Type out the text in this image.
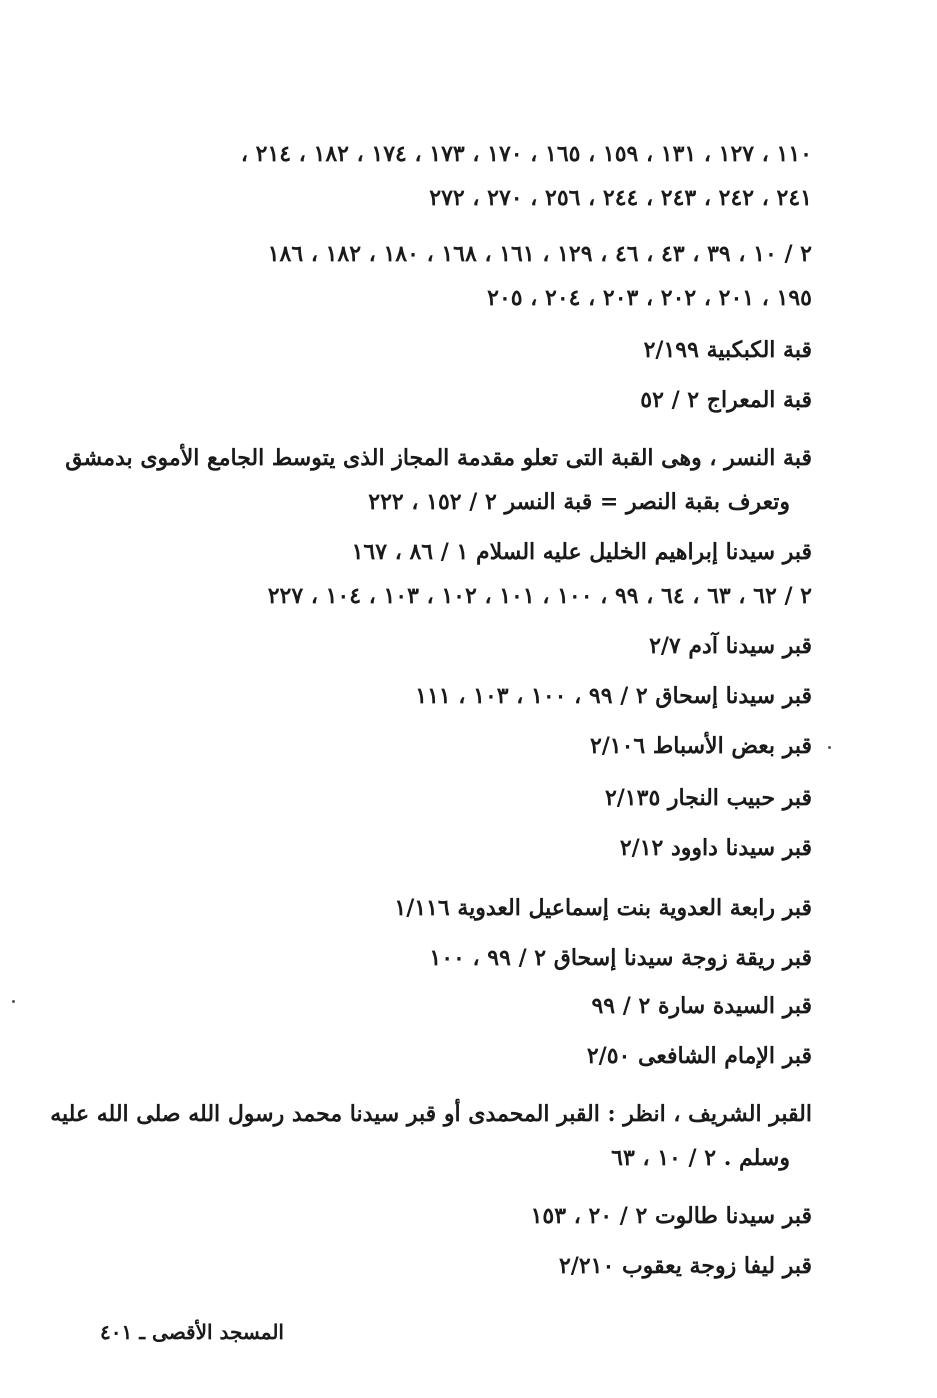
١١٠ ، ١٢٧ ، ١٣١ ، ١٥٩ ، ١٦٥ ، ١٧٠ ، ١٧٣ ، ١٧٤ ، ١٨٢ ، ٢١٤ ،
٢٤١ ، ٢٤٢ ، ٢٤٣ ، ٢٤٤ ، ٢٥٦ ، ٢٧٠ ، ٢٧٢
٢ / ١٠ ، ٣٩ ، ٤٣ ، ٤٦ ، ١٢٩ ، ١٦١ ، ١٦٨ ، ١٨٠ ، ١٨٢ ، ١٨٦
١٩٥ ، ٢٠١ ، ٢٠٢ ، ٢٠٣ ، ٢٠٤ ، ٢٠٥
قبة الكبكبية ٢/١٩٩
قبة المعراج ٢ / ٥٢
قبة النسر ، وهى القبة التى تعلو مقدمة المجاز الذى يتوسط الجامع الأموى بدمشق
وتعرف بقبة النصر = قبة النسر ٢ / ١٥٢ ، ٢٢٢
قبر سيدنا إبراهيم الخليل عليه السلام ١ / ٨٦ ، ١٦٧
٢ / ٦٢ ، ٦٣ ، ٦٤ ، ٩٩ ، ١٠٠ ، ١٠١ ، ١٠٢ ، ١٠٣ ، ١٠٤ ، ٢٢٧
قبر سيدنا آدم ٢/٧
قبر سيدنا إسحاق ٢ / ٩٩ ، ١٠٠ ، ١٠٣ ، ١١١
قبر بعض الأسباط ٢/١٠٦
قبر حبيب النجار ٢/١٣٥
قبر سيدنا داوود ٢/١٢
قبر رابعة العدوية بنت إسماعيل العدوية ١/١١٦
قبر ريقة زوجة سيدنا إسحاق ٢ / ٩٩ ، ١٠٠
قبر السيدة سارة ٢ / ٩٩
قبر الإمام الشافعى ٢/٥٠
القبر الشريف ، انظر : القبر المحمدى أو قبر سيدنا محمد رسول الله صلى الله عليه
وسلم . ٢ / ١٠ ، ٦٣
قبر سيدنا طالوت ٢ / ٢٠ ، ١٥٣
قبر ليفا زوجة يعقوب ٢/٢١٠
المسجد الأقصى ـ ٤٠١
